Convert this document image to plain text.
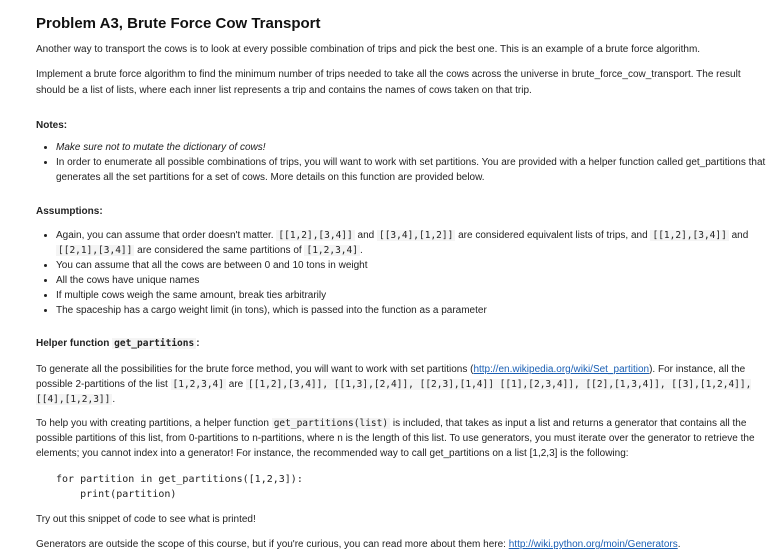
Problem A3, Brute Force Cow Transport

Another way to transport the cows is to look at every possible combination of trips and pick the best one. This is an example of a brute force algorithm.

Implement a brute force algorithm to find the minimum number of trips needed to take all the cows across the universe in brute_force_cow_transport. The result should be a list of lists, where each inner list represents a trip and contains the names of cows taken on that trip.

Notes:
• Make sure not to mutate the dictionary of cows!
• In order to enumerate all possible combinations of trips, you will want to work with set partitions. You are provided with a helper function called get_partitions that generates all the set partitions for a set of cows. More details on this function are provided below.
Assumptions:
• Again, you can assume that order doesn't matter. [[1,2],[3,4]] and [[3,4],[1,2]] are considered equivalent lists of trips, and [[1,2],[3,4]] and [[2,1],[3,4]] are considered the same partitions of [1,2,3,4] .
• You can assume that all the cows are between 0 and 10 tons in weight
• All the cows have unique names
• If multiple cows weigh the same amount, break ties arbitrarily
• The spaceship has a cargo weight limit (in tons), which is passed into the function as a parameter
Helper function get_partitions :

To generate all the possibilities for the brute force method, you will want to work with set partitions (http://en.wikipedia.org/wiki/Set_partition). For instance, all the possible 2-partitions of the list [1,2,3,4] are [[1,2],[3,4]], [[1,3],[2,4]], [[2,3],[1,4]] [[1],[2,3,4]], [[2],[1,3,4]], [[3],[1,2,4]], [[4],[1,2,3]] .

To help you with creating partitions, a helper function get_partitions(list) is included, that takes as input a list and returns a generator that contains all the possible partitions of this list, from 0-partitions to n-partitions, where n is the length of this list. To use generators, you must iterate over the generator to retrieve the elements; you cannot index into a generator! For instance, the recommended way to call get_partitions on a list [1,2,3] is the following:

for partition in get_partitions([1,2,3]):
print(partition)

Try out this snippet of code to see what is printed!

Generators are outside the scope of this course, but if you're curious, you can read more about them here: http://wiki.python.org/moin/Generators.
